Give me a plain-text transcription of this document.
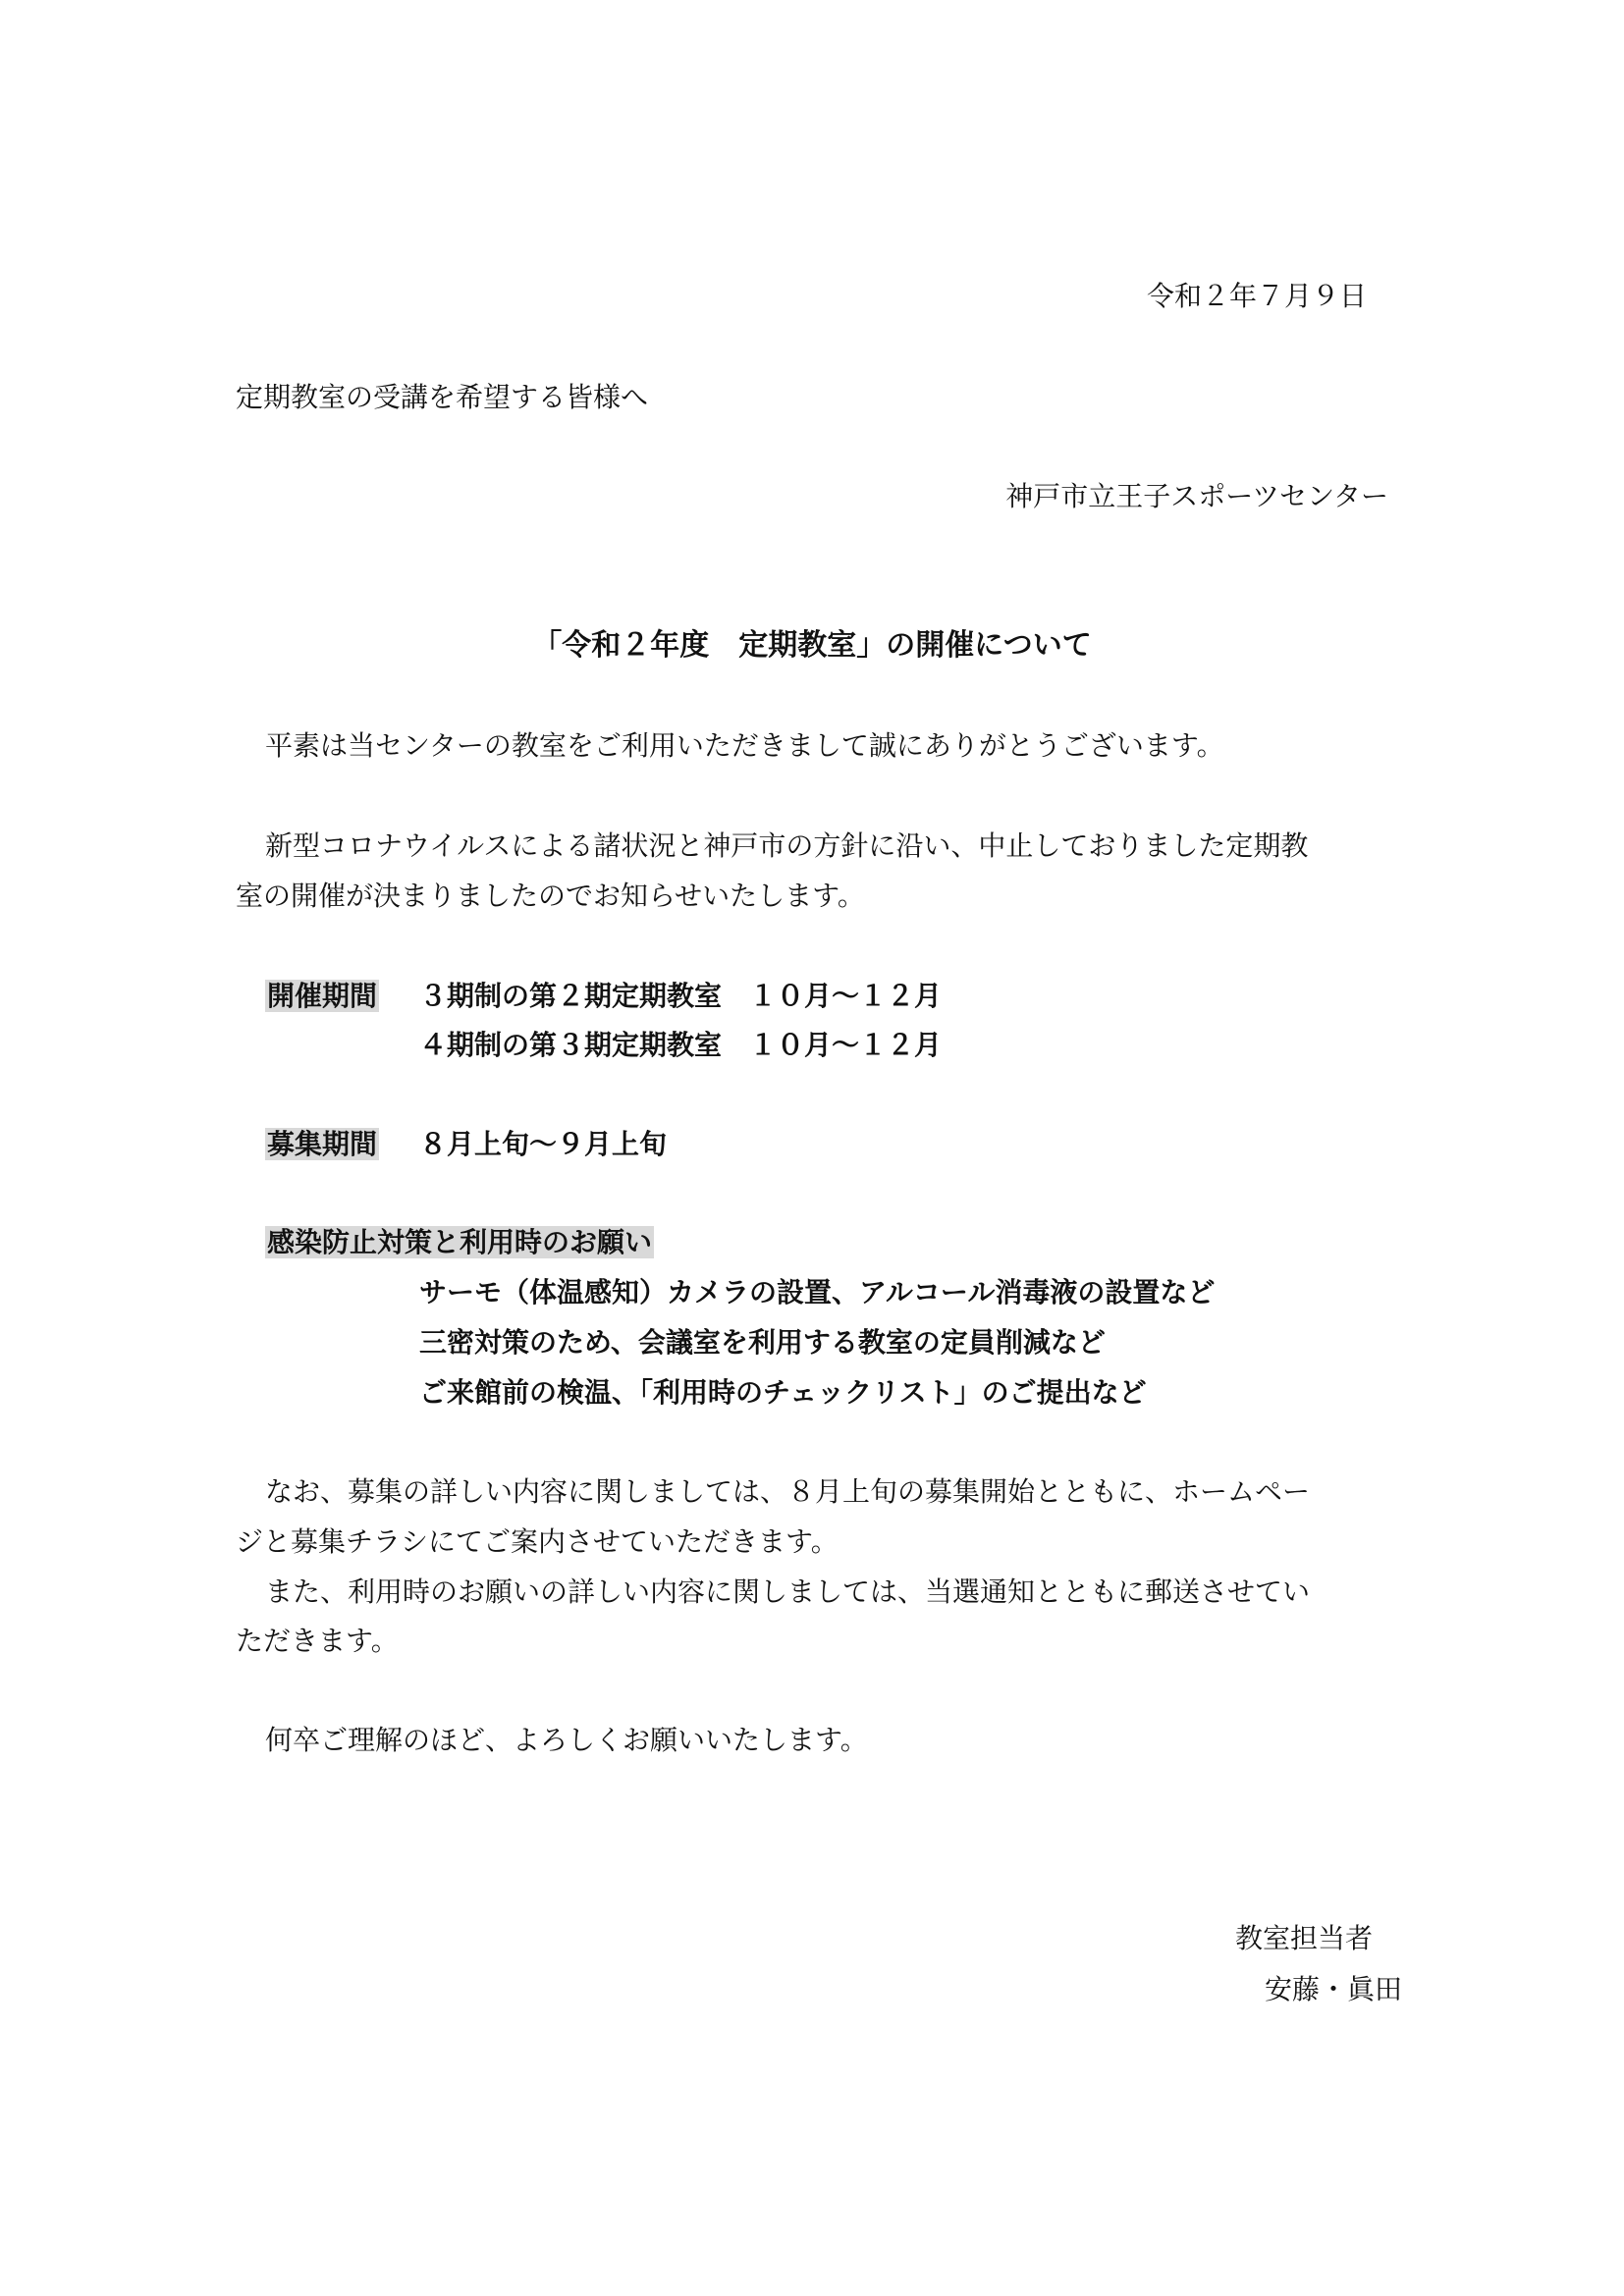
令和２年７月９日
定期教室の受講を希望する皆様へ
神戸市立王子スポーツセンター
「令和２年度　定期教室」の開催について
平素は当センターの教室をご利用いただきまして誠にありがとうございます。
新型コロナウイルスによる諸状況と神戸市の方針に沿い、中止しておりました定期教
室の開催が決まりましたのでお知らせいたします。
開催期間 ３期制の第２期定期教室　１０月～１２月
４期制の第３期定期教室　１０月～１２月
募集期間 ８月上旬～９月上旬
感染防止対策と利用時のお願い
サーモ（体温感知）カメラの設置、アルコール消毒液の設置など
三密対策のため、会議室を利用する教室の定員削減など
ご来館前の検温、「利用時のチェックリスト」のご提出など
なお、募集の詳しい内容に関しましては、８月上旬の募集開始とともに、ホームペー
ジと募集チラシにてご案内させていただきます。
また、利用時のお願いの詳しい内容に関しましては、当選通知とともに郵送させてい
ただきます。
何卒ご理解のほど、よろしくお願いいたします。
教室担当者
安藤・眞田
